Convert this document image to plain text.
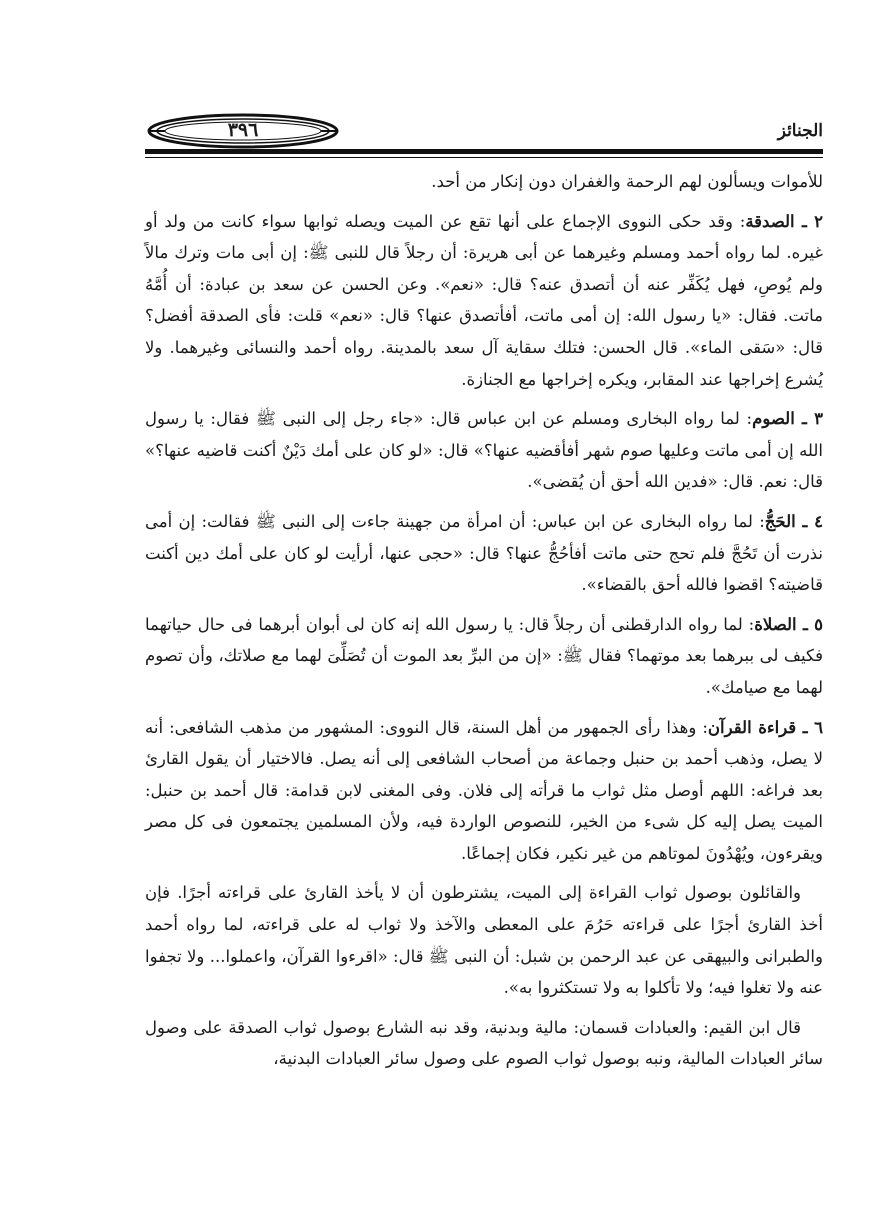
٣٩٦	الجنائز

للأموات ويسألون لهم الرحمة والغفران دون إنكار من أحد.

٢ ـ الصدقة: وقد حكى النووى الإجماع على أنها تقع عن الميت ويصله ثوابها سواء كانت من ولد أو غيره. لما رواه أحمد ومسلم وغيرهما عن أبى هريرة: أن رجلاً قال للنبى ﷺ: إن أبى مات وترك مالاً ولم يُوصِ، فهل يُكَفِّر عنه أن أتصدق عنه؟ قال: «نعم». وعن الحسن عن سعد بن عبادة: أن أُمَّهُ ماتت. فقال: «يا رسول الله: إن أمى ماتت، أفأتصدق عنها؟ قال: «نعم» قلت: فأى الصدقة أفضل؟ قال: «سَقى الماء». قال الحسن: فتلك سقاية آل سعد بالمدينة. رواه أحمد والنسائى وغيرهما. ولا يُشرع إخراجها عند المقابر، ويكره إخراجها مع الجنازة.

٣ ـ الصوم: لما رواه البخارى ومسلم عن ابن عباس قال: «جاء رجل إلى النبى ﷺ فقال: يا رسول الله إن أمى ماتت وعليها صوم شهر أفأقضيه عنها؟» قال: «لو كان على أمك دَيْنٌ أكنت قاضيه عنها؟» قال: نعم. قال: «فدين الله أحق أن يُقضى».

٤ ـ الحَجُّ: لما رواه البخارى عن ابن عباس: أن امرأة من جهينة جاءت إلى النبى ﷺ فقالت: إن أمى نذرت أن تَحُجَّ فلم تحج حتى ماتت أفأحُجُّ عنها؟ قال: «حجى عنها، أرأيت لو كان على أمك دين أكنت قاضيته؟ اقضوا فالله أحق بالقضاء».

٥ ـ الصلاة: لما رواه الدارقطنى أن رجلاً قال: يا رسول الله إنه كان لى أبوان أبرهما فى حال حياتهما فكيف لى ببرهما بعد موتهما؟ فقال ﷺ: «إن من البرِّ بعد الموت أن تُصَلِّىَ لهما مع صلاتك، وأن تصوم لهما مع صيامك».

٦ ـ قراءة القرآن: وهذا رأى الجمهور من أهل السنة، قال النووى: المشهور من مذهب الشافعى: أنه لا يصل، وذهب أحمد بن حنبل وجماعة من أصحاب الشافعى إلى أنه يصل. فالاختيار أن يقول القارئ بعد فراغه: اللهم أوصل مثل ثواب ما قرأته إلى فلان. وفى المغنى لابن قدامة: قال أحمد بن حنبل: الميت يصل إليه كل شىء من الخير، للنصوص الواردة فيه، ولأن المسلمين يجتمعون فى كل مصر ويقرءون، ويُهْدُونَ لموتاهم من غير نكير، فكان إجماعًا.

والقائلون بوصول ثواب القراءة إلى الميت، يشترطون أن لا يأخذ القارئ على قراءته أجرًا. فإن أخذ القارئ أجرًا على قراءته حَرُمَ على المعطى والآخذ ولا ثواب له على قراءته، لما رواه أحمد والطبرانى والبيهقى عن عبد الرحمن بن شبل: أن النبى ﷺ قال: «اقرءوا القرآن، واعملوا... ولا تجفوا عنه ولا تغلوا فيه؛ ولا تأكلوا به ولا تستكثروا به».

قال ابن القيم: والعبادات قسمان: مالية وبدنية، وقد نبه الشارع بوصول ثواب الصدقة على وصول سائر العبادات المالية، ونبه بوصول ثواب الصوم على وصول سائر العبادات البدنية،
